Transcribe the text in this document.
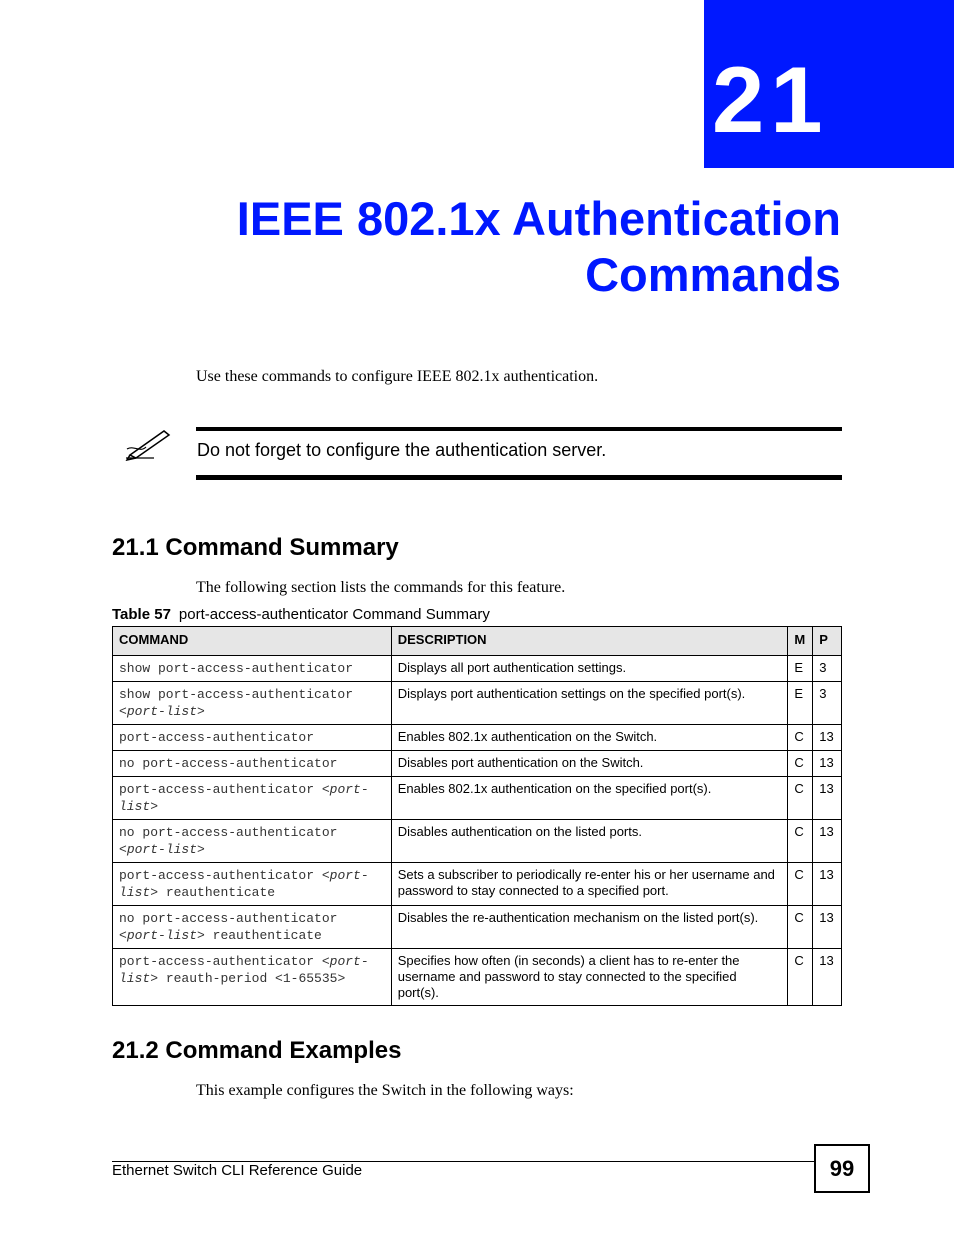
21
IEEE 802.1x Authentication
Commands
Use these commands to configure IEEE 802.1x authentication.
Do not forget to configure the authentication server.
21.1 Command Summary
The following section lists the commands for this feature.
Table 57 port-access-authenticator Command Summary
COMMAND	DESCRIPTION	M	P
show port-access-authenticator	Displays all port authentication settings.	E	3
show port-access-authenticator <port-list>	Displays port authentication settings on the specified port(s).	E	3
port-access-authenticator	Enables 802.1x authentication on the Switch.	C	13
no port-access-authenticator	Disables port authentication on the Switch.	C	13
port-access-authenticator <port-list>	Enables 802.1x authentication on the specified port(s).	C	13
no port-access-authenticator <port-list>	Disables authentication on the listed ports.	C	13
port-access-authenticator <port-list> reauthenticate	Sets a subscriber to periodically re-enter his or her username and password to stay connected to a specified port.	C	13
no port-access-authenticator <port-list> reauthenticate	Disables the re-authentication mechanism on the listed port(s).	C	13
port-access-authenticator <port-list> reauth-period <1-65535>	Specifies how often (in seconds) a client has to re-enter the username and password to stay connected to the specified port(s).	C	13
21.2 Command Examples
This example configures the Switch in the following ways:
Ethernet Switch CLI Reference Guide	99
